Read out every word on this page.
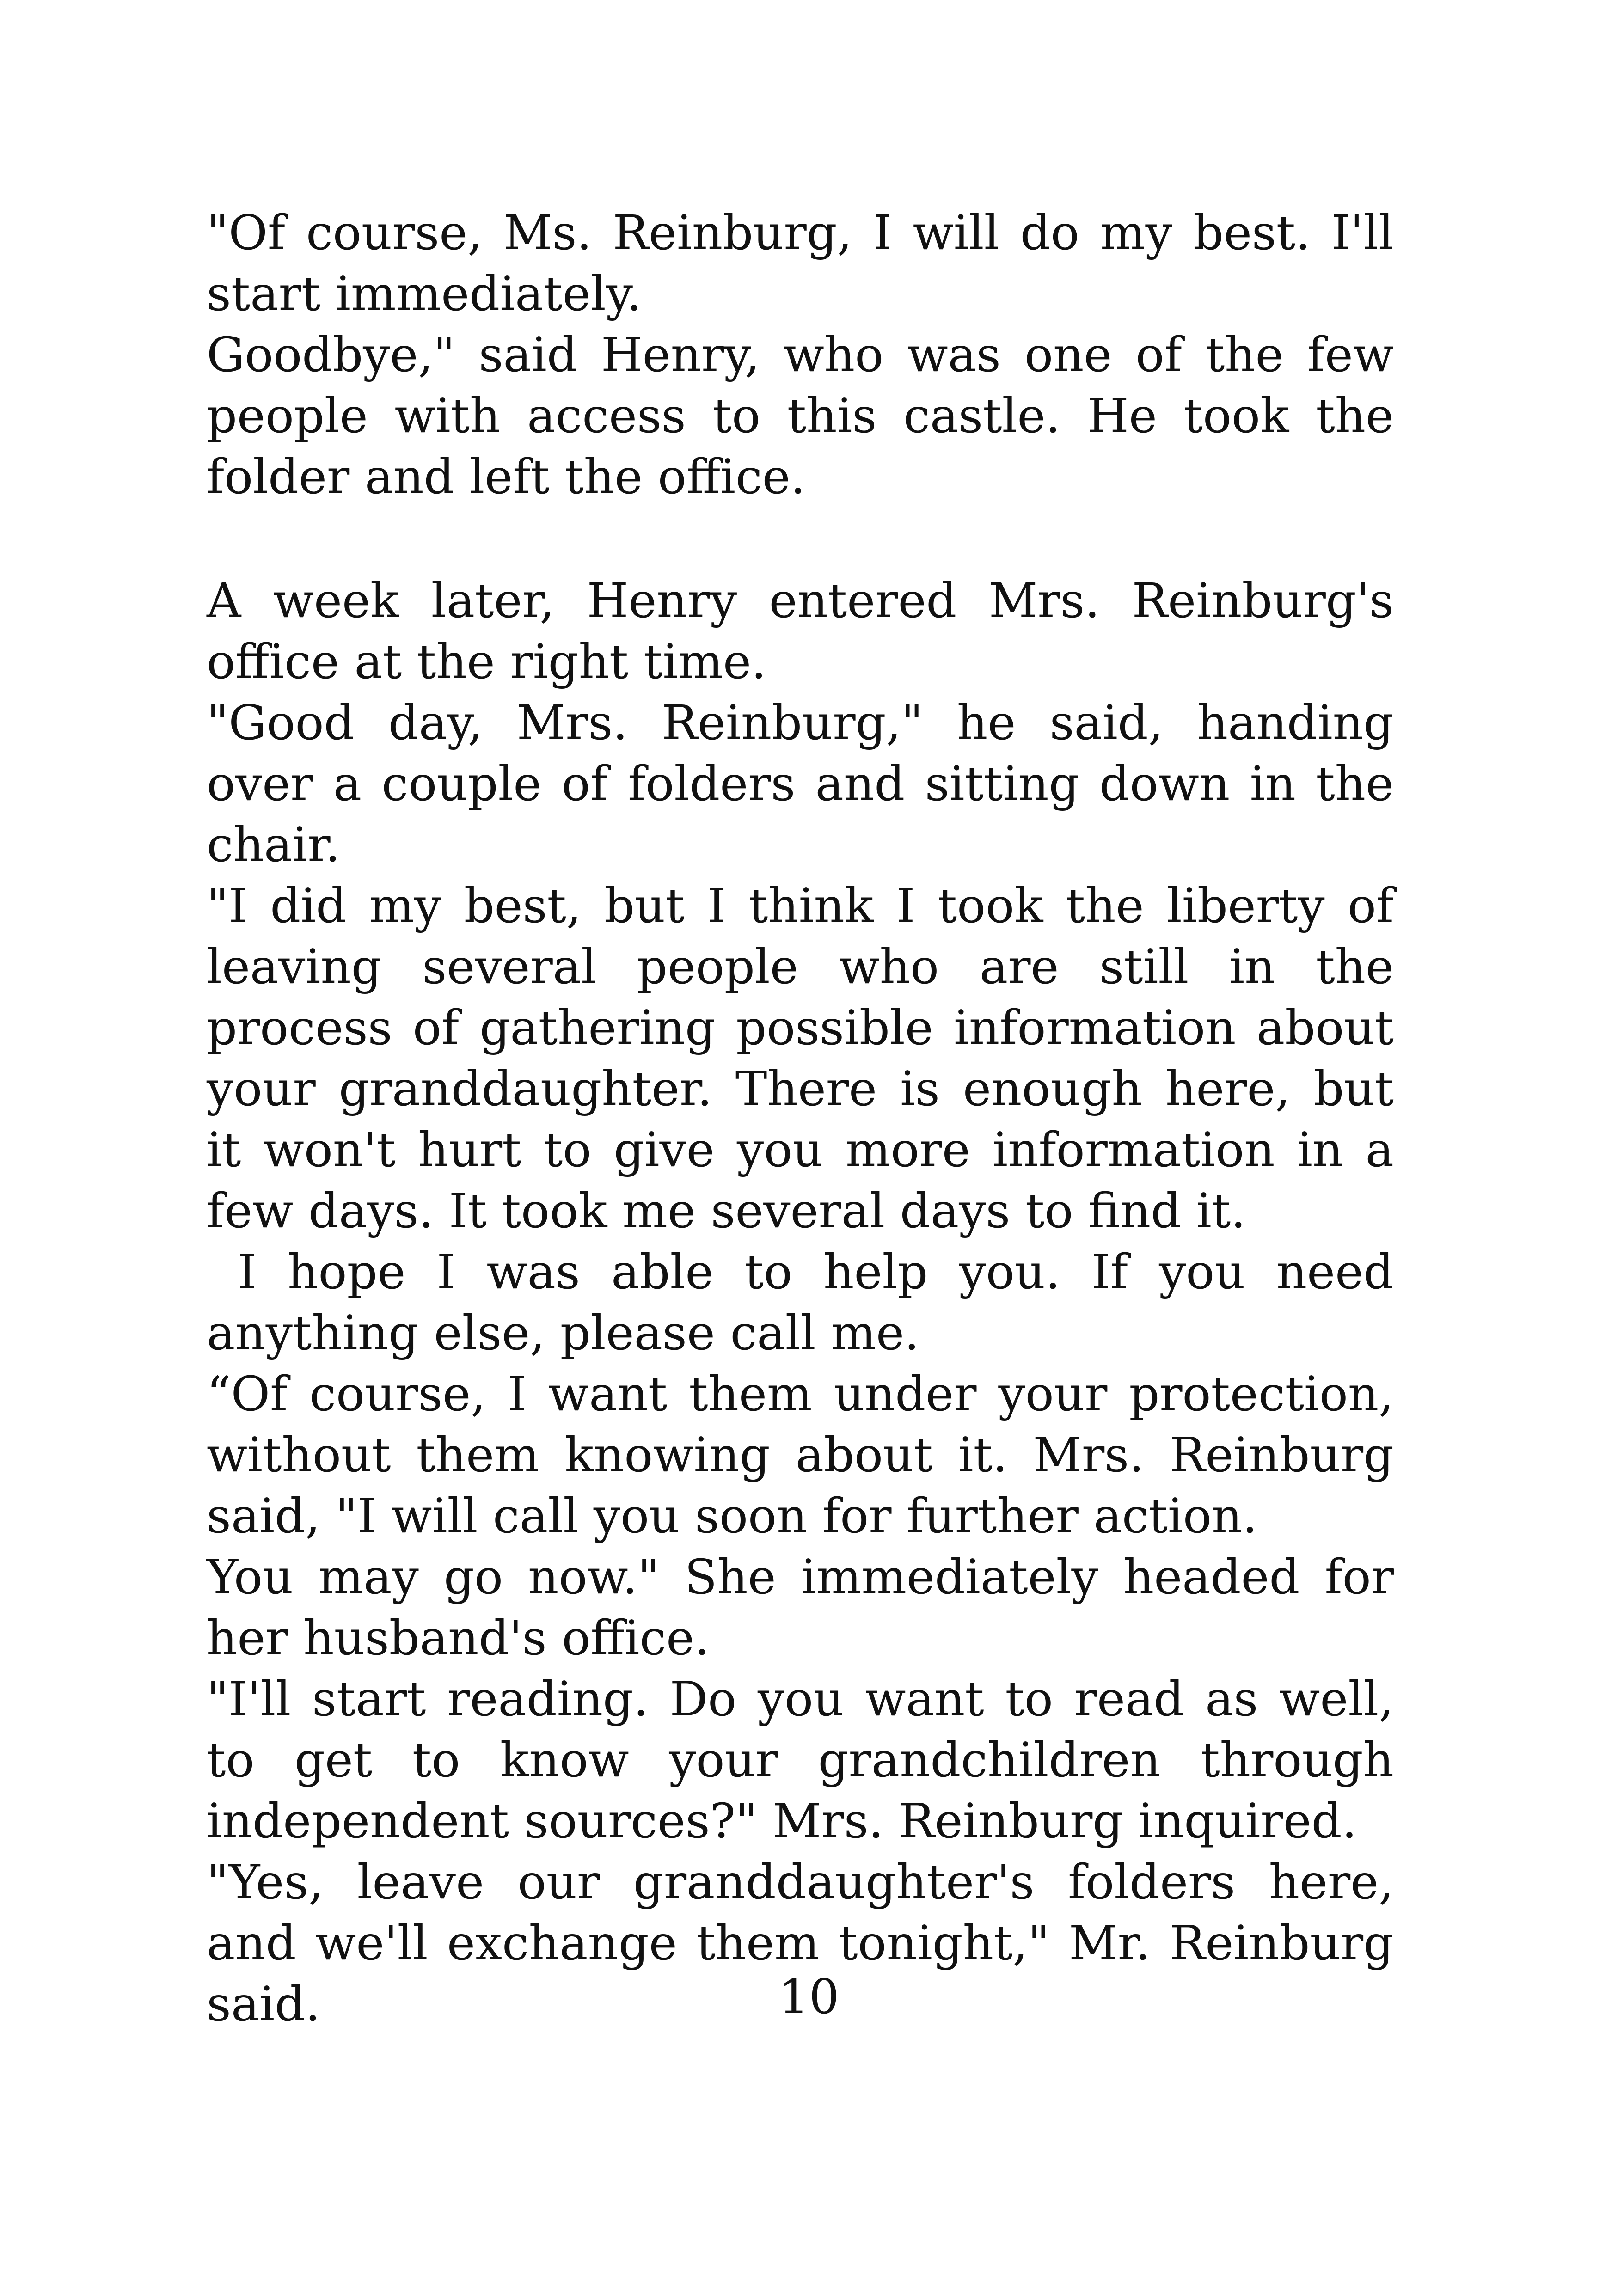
"Of course, Ms. Reinburg, I will do my best. I'll start immediately.

Goodbye," said Henry, who was one of the few people with access to this castle. He took the folder and left the office.

A week later, Henry entered Mrs. Reinburg's office at the right time.

"Good day, Mrs. Reinburg," he said, handing over a couple of folders and sitting down in the chair.

"I did my best, but I think I took the liberty of leaving several people who are still in the process of gathering possible information about your granddaughter. There is enough here, but it won't hurt to give you more information in a few days. It took me several days to find it.

I hope I was able to help you. If you need anything else, please call me.

“Of course, I want them under your protection, without them knowing about it. Mrs. Reinburg said, "I will call you soon for further action.

You may go now." She immediately headed for her husband's office.

"I'll start reading. Do you want to read as well, to get to know your grandchildren through independent sources?" Mrs. Reinburg inquired.

"Yes, leave our granddaughter's folders here, and we'll exchange them tonight," Mr. Reinburg said.	10
